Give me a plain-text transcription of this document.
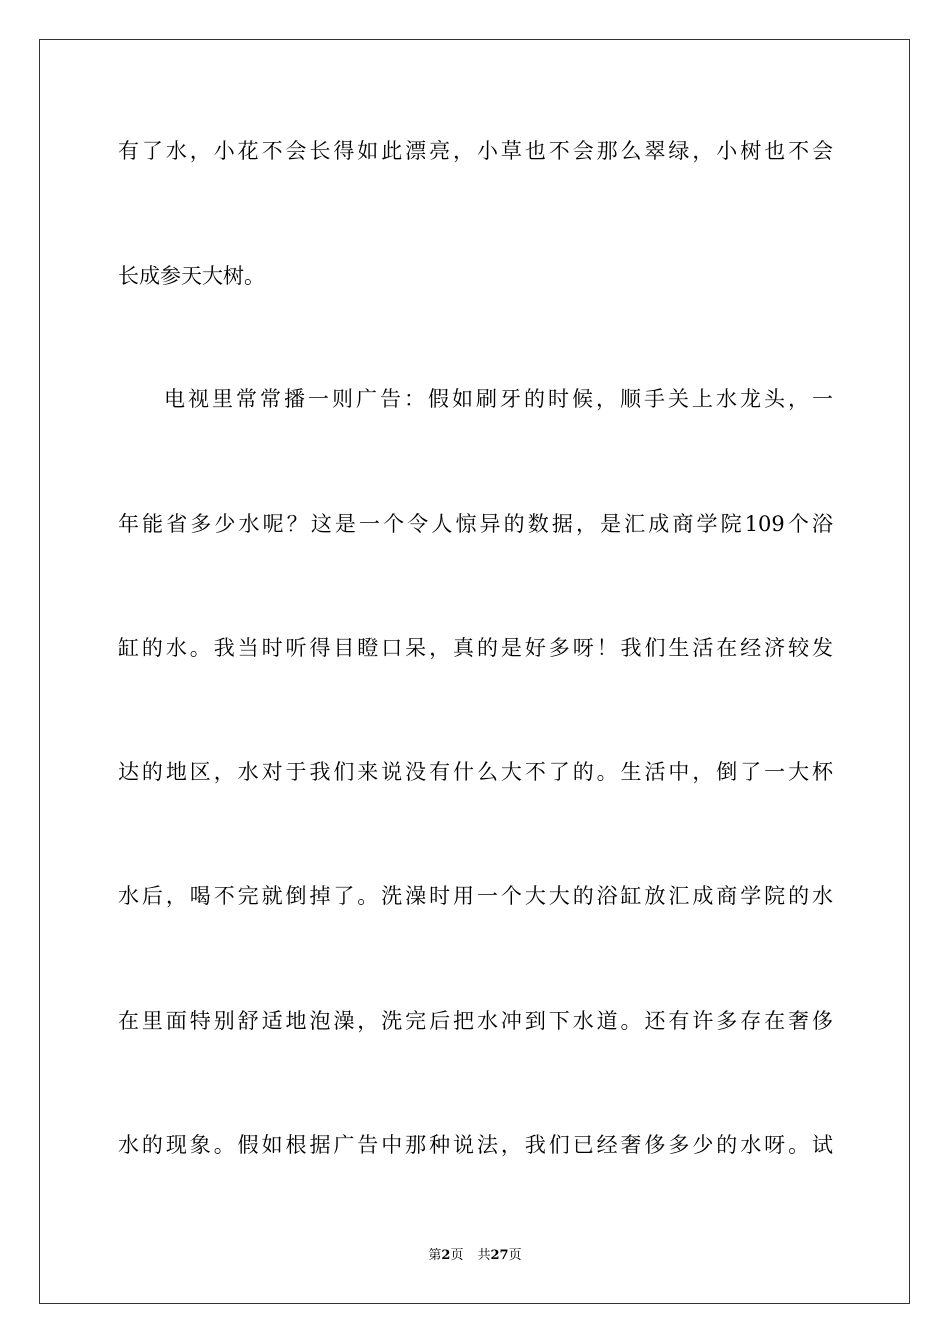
有了水，小花不会长得如此漂亮，小草也不会那么翠绿，小树也不会
长成参天大树。
电视里常常播一则广告：假如刷牙的时候，顺手关上水龙头，一
年能省多少水呢？这是一个令人惊异的数据，是汇成商学院109个浴
缸的水。我当时听得目瞪口呆，真的是好多呀！我们生活在经济较发
达的地区，水对于我们来说没有什么大不了的。生活中，倒了一大杯
水后，喝不完就倒掉了。洗澡时用一个大大的浴缸放汇成商学院的水
在里面特别舒适地泡澡，洗完后把水冲到下水道。还有许多存在奢侈
水的现象。假如根据广告中那种说法，我们已经奢侈多少的水呀。试
第2页 共27页
